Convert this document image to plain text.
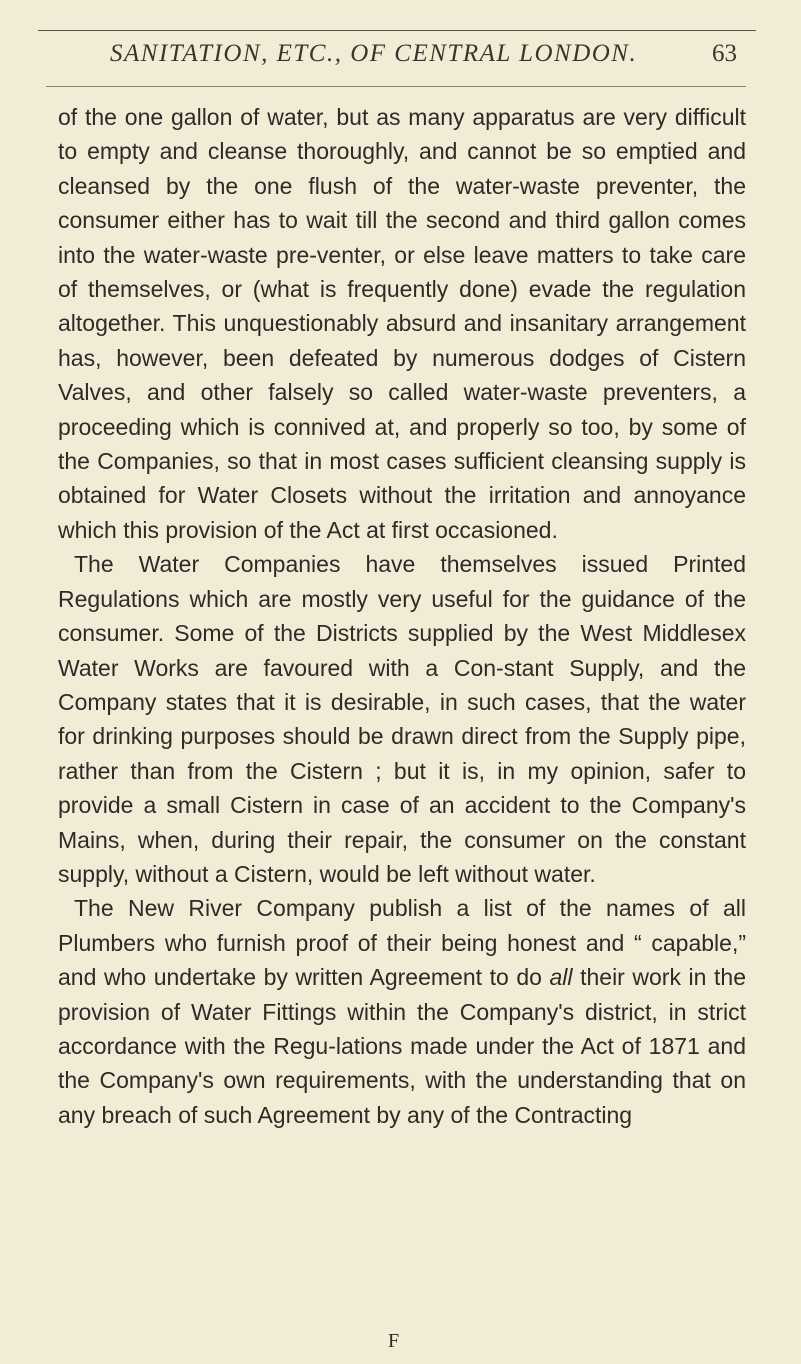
SANITATION, ETC., OF CENTRAL LONDON.	63

of the one gallon of water, but as many apparatus are very difficult to empty and cleanse thoroughly, and cannot be so emptied and cleansed by the one flush of the water-waste preventer, the consumer either has to wait till the second and third gallon comes into the water-waste pre-venter, or else leave matters to take care of themselves, or (what is frequently done) evade the regulation altogether. This unquestionably absurd and insanitary arrangement has, however, been defeated by numerous dodges of Cistern Valves, and other falsely so called water-waste preventers, a proceeding which is connived at, and properly so too, by some of the Companies, so that in most cases sufficient cleansing supply is obtained for Water Closets without the irritation and annoyance which this provision of the Act at first occasioned.

The Water Companies have themselves issued Printed Regulations which are mostly very useful for the guidance of the consumer. Some of the Districts supplied by the West Middlesex Water Works are favoured with a Con-stant Supply, and the Company states that it is desirable, in such cases, that the water for drinking purposes should be drawn direct from the Supply pipe, rather than from the Cistern ; but it is, in my opinion, safer to provide a small Cistern in case of an accident to the Company's Mains, when, during their repair, the consumer on the constant supply, without a Cistern, would be left without water.

The New River Company publish a list of the names of all Plumbers who furnish proof of their being honest and “ capable,” and who undertake by written Agreement to do all their work in the provision of Water Fittings within the Company's district, in strict accordance with the Regu-lations made under the Act of 1871 and the Company's own requirements, with the understanding that on any breach of such Agreement by any of the Contracting

F
